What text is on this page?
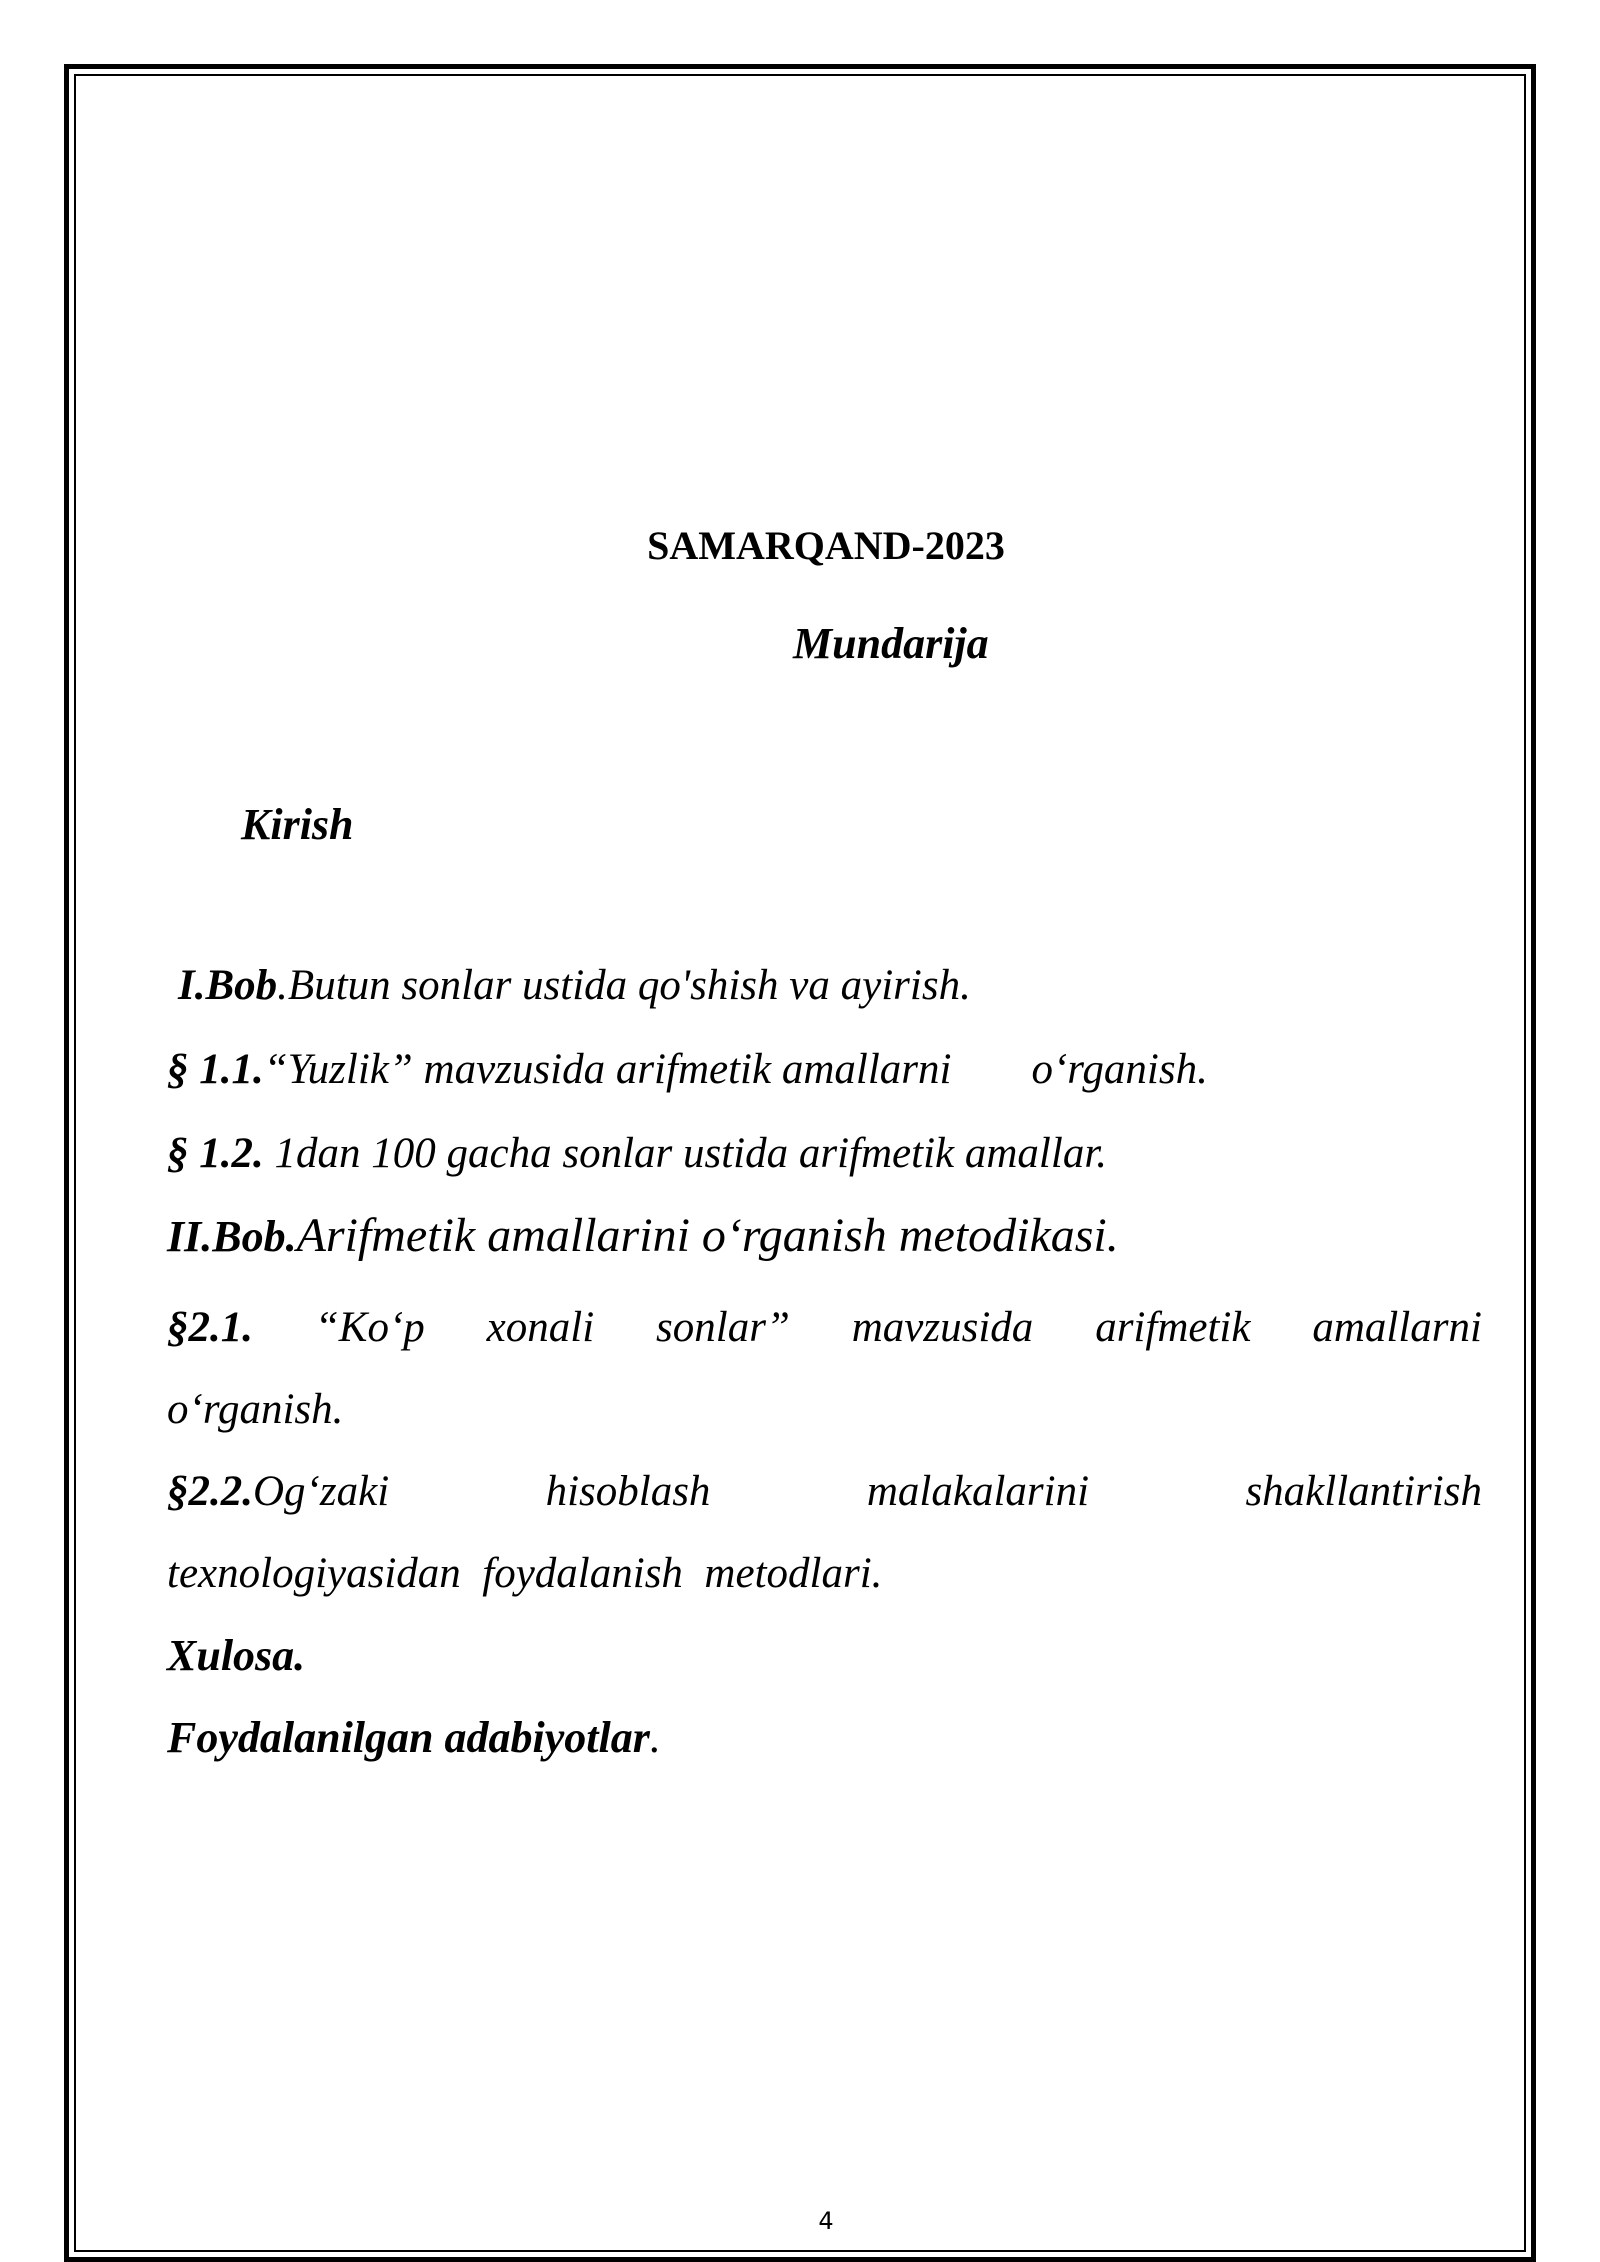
SAMARQAND-2023
Mundarija
Kirish
I.Bob.Butun sonlar ustida qo'shish va ayirish.
§ 1.1.“Yuzlik” mavzusida arifmetik amallarni o‘rganish.
§ 1.2. 1dan 100 gacha sonlar ustida arifmetik amallar.
II.Bob.Arifmetik amallarini o‘rganish metodikasi.
§2.1. “Ko‘p xonali sonlar” mavzusida arifmetik amallarni
o‘rganish.
§2.2.Og‘zaki	hisoblash	malakalarini	shakllantirish
texnologiyasidan  foydalanish  metodlari.
Xulosa.
Foydalanilgan adabiyotlar.
4
